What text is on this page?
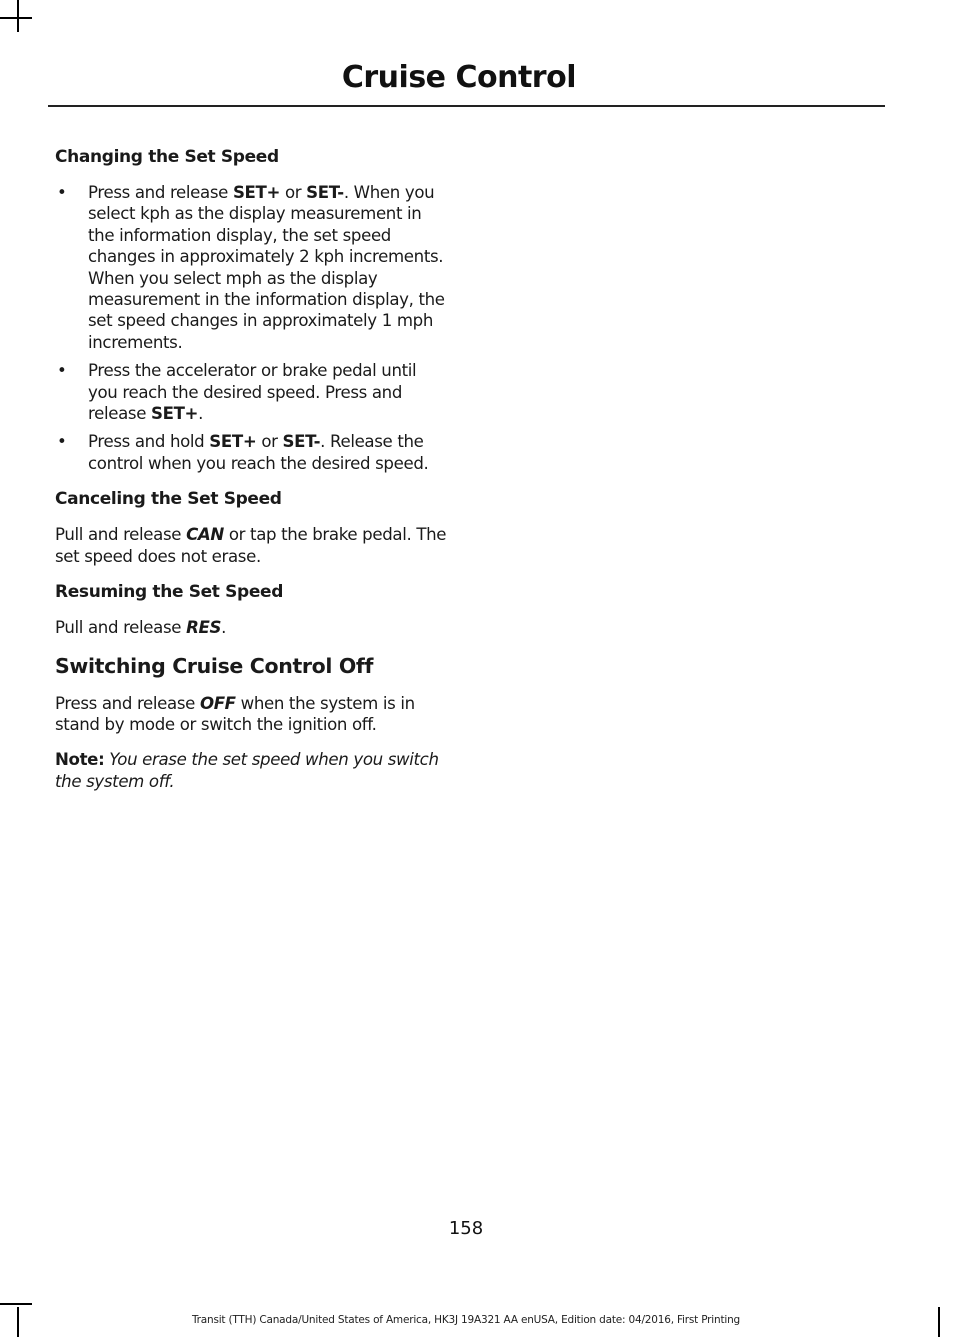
Cruise Control
Changing the Set Speed
• Press and release SET+ or SET-. When you select kph as the display measurement in the information display, the set speed changes in approximately 2 kph increments. When you select mph as the display measurement in the information display, the set speed changes in approximately 1 mph increments.
• Press the accelerator or brake pedal until you reach the desired speed. Press and release SET+.
• Press and hold SET+ or SET-. Release the control when you reach the desired speed.
Canceling the Set Speed

Pull and release CAN or tap the brake pedal. The set speed does not erase.

Resuming the Set Speed

Pull and release RES.

Switching Cruise Control Off

Press and release OFF when the system is in stand by mode or switch the ignition off.

Note: You erase the set speed when you switch the system off.

158
Transit (TTH) Canada/United States of America, HK3J 19A321 AA enUSA, Edition date: 04/2016, First Printing
